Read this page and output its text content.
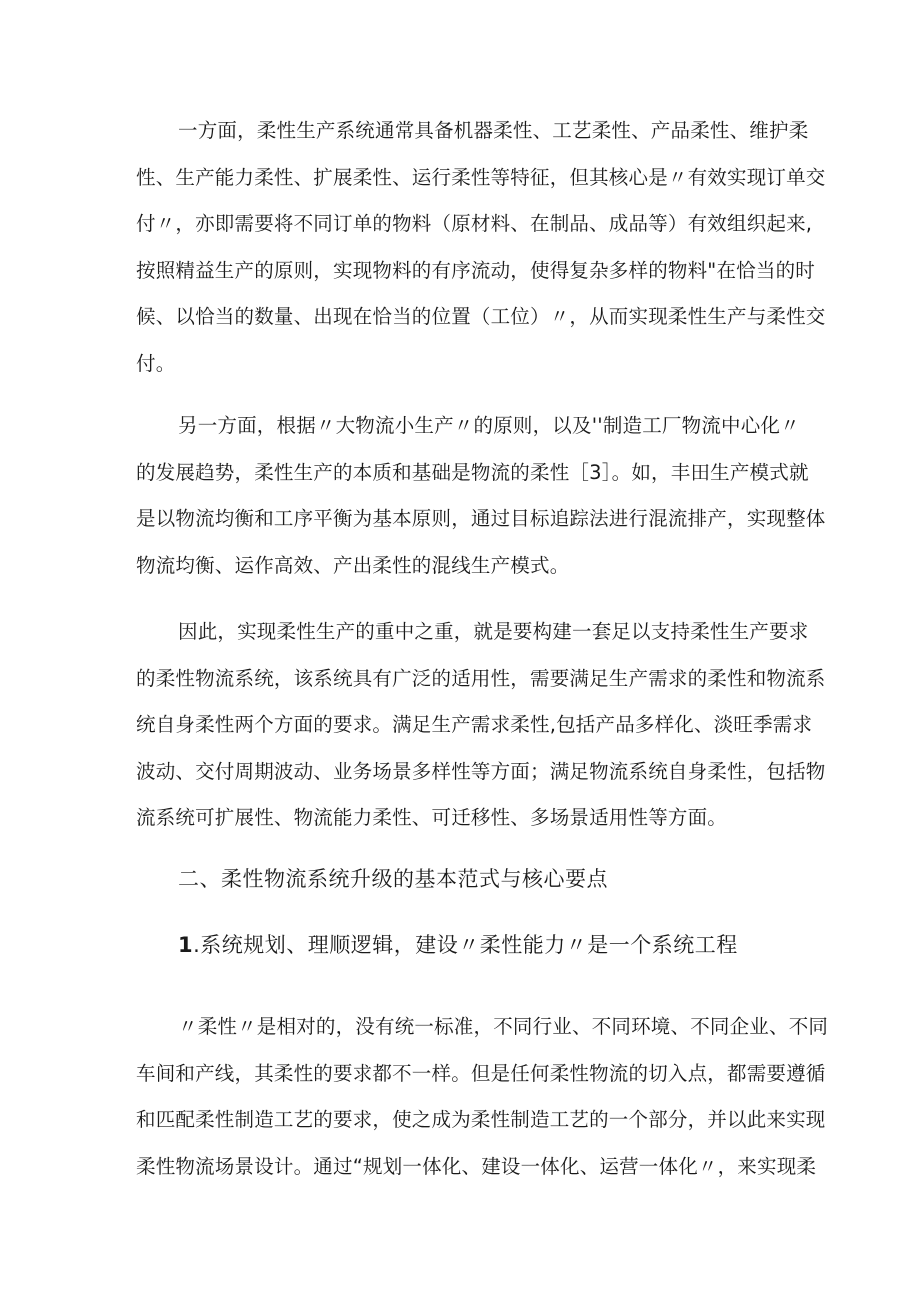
一方面，柔性生产系统通常具备机器柔性、工艺柔性、产品柔性、维护柔
性、生产能力柔性、扩展柔性、运行柔性等特征，但其核心是〃有效实现订单交
付〃，亦即需要将不同订单的物料（原材料、在制品、成品等）有效组织起来,
按照精益生产的原则，实现物料的有序流动，使得复杂多样的物料"在恰当的时
候、以恰当的数量、出现在恰当的位置（工位）〃，从而实现柔性生产与柔性交
付。
另一方面，根据〃大物流小生产〃的原则，以及''制造工厂物流中心化〃
的发展趋势，柔性生产的本质和基础是物流的柔性［3］。如，丰田生产模式就
是以物流均衡和工序平衡为基本原则，通过目标追踪法进行混流排产，实现整体
物流均衡、运作高效、产出柔性的混线生产模式。
因此，实现柔性生产的重中之重，就是要构建一套足以支持柔性生产要求
的柔性物流系统，该系统具有广泛的适用性，需要满足生产需求的柔性和物流系
统自身柔性两个方面的要求。满足生产需求柔性,包括产品多样化、淡旺季需求
波动、交付周期波动、业务场景多样性等方面；满足物流系统自身柔性，包括物
流系统可扩展性、物流能力柔性、可迁移性、多场景适用性等方面。
二、柔性物流系统升级的基本范式与核心要点
1.系统规划、理顺逻辑，建设〃柔性能力〃是一个系统工程
〃柔性〃是相对的，没有统一标准，不同行业、不同环境、不同企业、不同
车间和产线，其柔性的要求都不一样。但是任何柔性物流的切入点，都需要遵循
和匹配柔性制造工艺的要求，使之成为柔性制造工艺的一个部分，并以此来实现
柔性物流场景设计。通过“规划一体化、建设一体化、运营一体化〃，来实现柔
